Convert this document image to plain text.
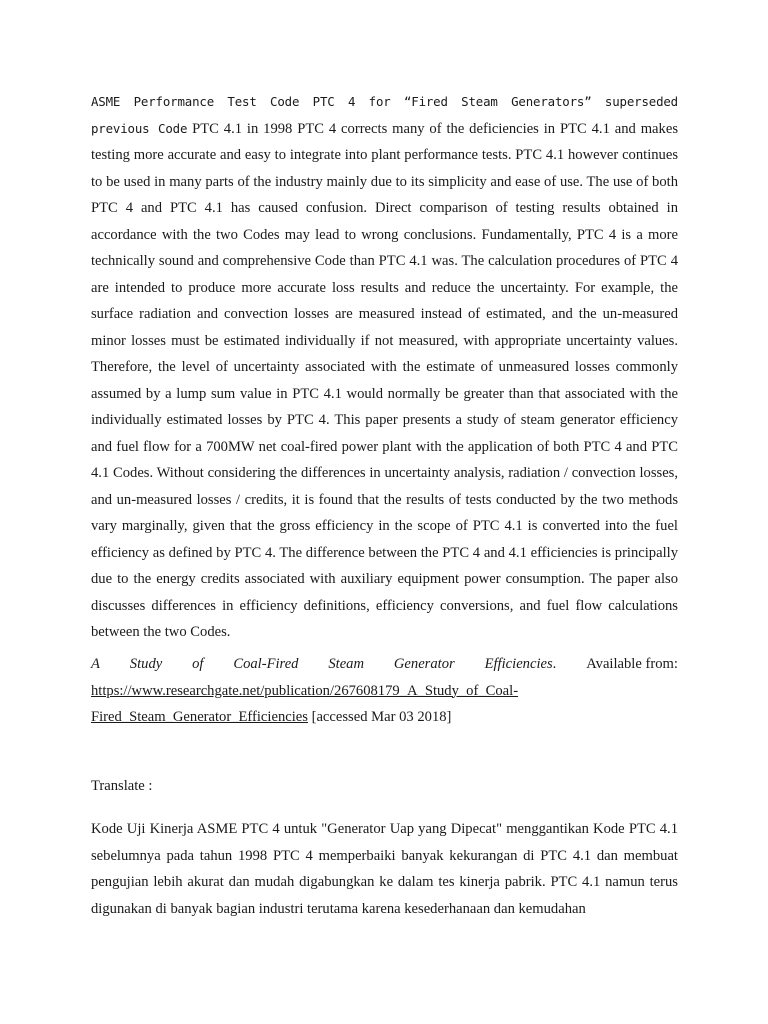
ASME Performance Test Code PTC 4 for “Fired Steam Generators” superseded previous Code PTC 4.1 in 1998 PTC 4 corrects many of the deficiencies in PTC 4.1 and makes testing more accurate and easy to integrate into plant performance tests. PTC 4.1 however continues to be used in many parts of the industry mainly due to its simplicity and ease of use. The use of both PTC 4 and PTC 4.1 has caused confusion. Direct comparison of testing results obtained in accordance with the two Codes may lead to wrong conclusions. Fundamentally, PTC 4 is a more technically sound and comprehensive Code than PTC 4.1 was. The calculation procedures of PTC 4 are intended to produce more accurate loss results and reduce the uncertainty. For example, the surface radiation and convection losses are measured instead of estimated, and the un-measured minor losses must be estimated individually if not measured, with appropriate uncertainty values. Therefore, the level of uncertainty associated with the estimate of unmeasured losses commonly assumed by a lump sum value in PTC 4.1 would normally be greater than that associated with the individually estimated losses by PTC 4. This paper presents a study of steam generator efficiency and fuel flow for a 700MW net coal-fired power plant with the application of both PTC 4 and PTC 4.1 Codes. Without considering the differences in uncertainty analysis, radiation / convection losses, and un-measured losses / credits, it is found that the results of tests conducted by the two methods vary marginally, given that the gross efficiency in the scope of PTC 4.1 is converted into the fuel efficiency as defined by PTC 4. The difference between the PTC 4 and 4.1 efficiencies is principally due to the energy credits associated with auxiliary equipment power consumption. The paper also discusses differences in efficiency definitions, efficiency conversions, and fuel flow calculations between the two Codes.

A Study of Coal-Fired Steam Generator Efficiencies. Available from:
https://www.researchgate.net/publication/267608179_A_Study_of_Coal-
Fired_Steam_Generator_Efficiencies [accessed Mar 03 2018]
Translate :

Kode Uji Kinerja ASME PTC 4 untuk "Generator Uap yang Dipecat" menggantikan Kode PTC 4.1 sebelumnya pada tahun 1998 PTC 4 memperbaiki banyak kekurangan di PTC 4.1 dan membuat pengujian lebih akurat dan mudah digabungkan ke dalam tes kinerja pabrik. PTC 4.1 namun terus digunakan di banyak bagian industri terutama karena kesederhanaan dan kemudahan
